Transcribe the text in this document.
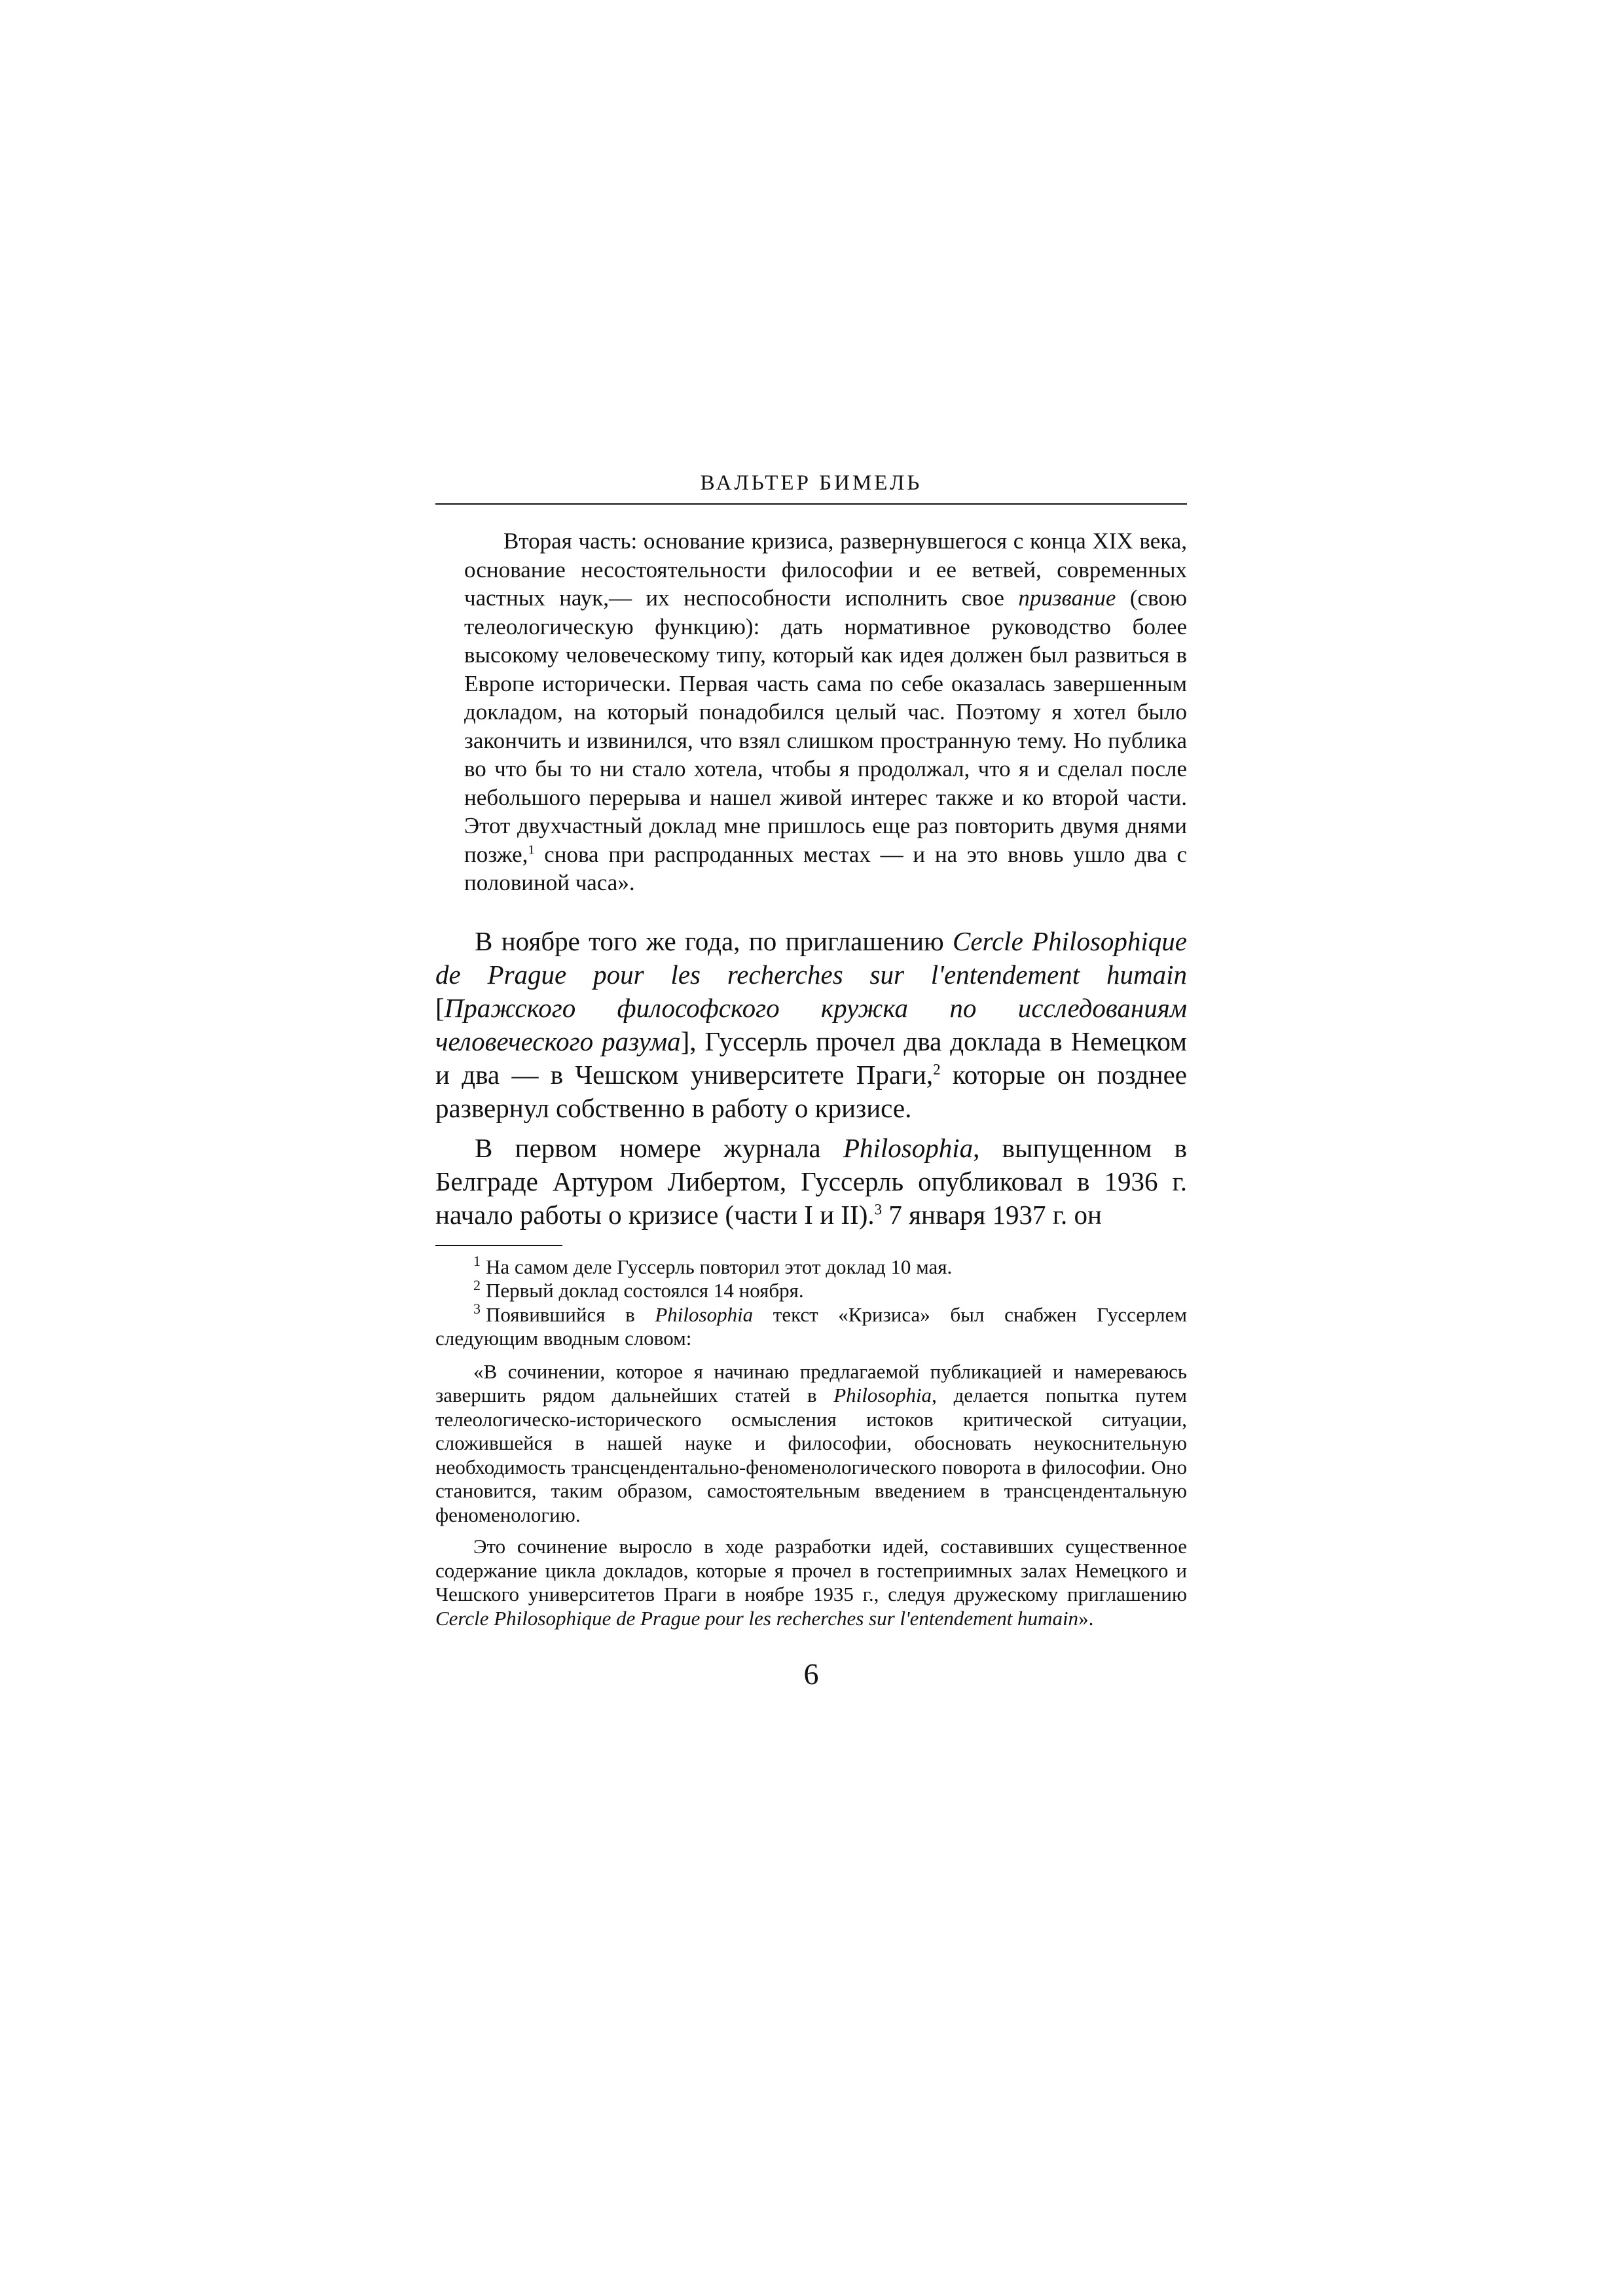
ВАЛЬТЕР БИМЕЛЬ

Вторая часть: основание кризиса, развернувшегося с конца XIX века, основание несостоятельности философии и ее ветвей, современных частных наук,— их неспособности исполнить свое призвание (свою телеологическую функцию): дать нормативное руководство более высокому человеческому типу, который как идея должен был развиться в Европе исторически. Первая часть сама по себе оказалась завершенным докладом, на который понадобился целый час. Поэтому я хотел было закончить и извинился, что взял слишком пространную тему. Но публика во что бы то ни стало хотела, чтобы я продолжал, что я и сделал после небольшого перерыва и нашел живой интерес также и ко второй части. Этот двухчастный доклад мне пришлось еще раз повторить двумя днями позже,$^1$ снова при распроданных местах — и на это вновь ушло два с половиной часа».

В ноябре того же года, по приглашению Cercle Philosophique de Prague pour les recherches sur l'entendement humain [Пражского философского кружка по исследованиям человеческого разума], Гуссерль прочел два доклада в Немецком и два — в Чешском университете Праги,$^2$ которые он позднее развернул собственно в работу о кризисе.

В первом номере журнала Philosophia, выпущенном в Белграде Артуром Либертом, Гуссерль опубликовал в 1936 г. начало работы о кризисе (части I и II).$^3$ 7 января 1937 г. он

$^1$ На самом деле Гуссерль повторил этот доклад 10 мая.

$^2$ Первый доклад состоялся 14 ноября.

$^3$ Появившийся в Philosophia текст «Кризиса» был снабжен Гуссерлем следующим вводным словом:

«В сочинении, которое я начинаю предлагаемой публикацией и намереваюсь завершить рядом дальнейших статей в Philosophia, делается попытка путем телеологическо-исторического осмысления истоков критической ситуации, сложившейся в нашей науке и философии, обосновать неукоснительную необходимость трансцендентально-феноменологического поворота в философии. Оно становится, таким образом, самостоятельным введением в трансцендентальную феноменологию.

Это сочинение выросло в ходе разработки идей, составивших существенное содержание цикла докладов, которые я прочел в гостеприимных залах Немецкого и Чешского университетов Праги в ноябре 1935 г., следуя дружескому приглашению Cercle Philosophique de Prague pour les recherches sur l'entendement humain».

6
